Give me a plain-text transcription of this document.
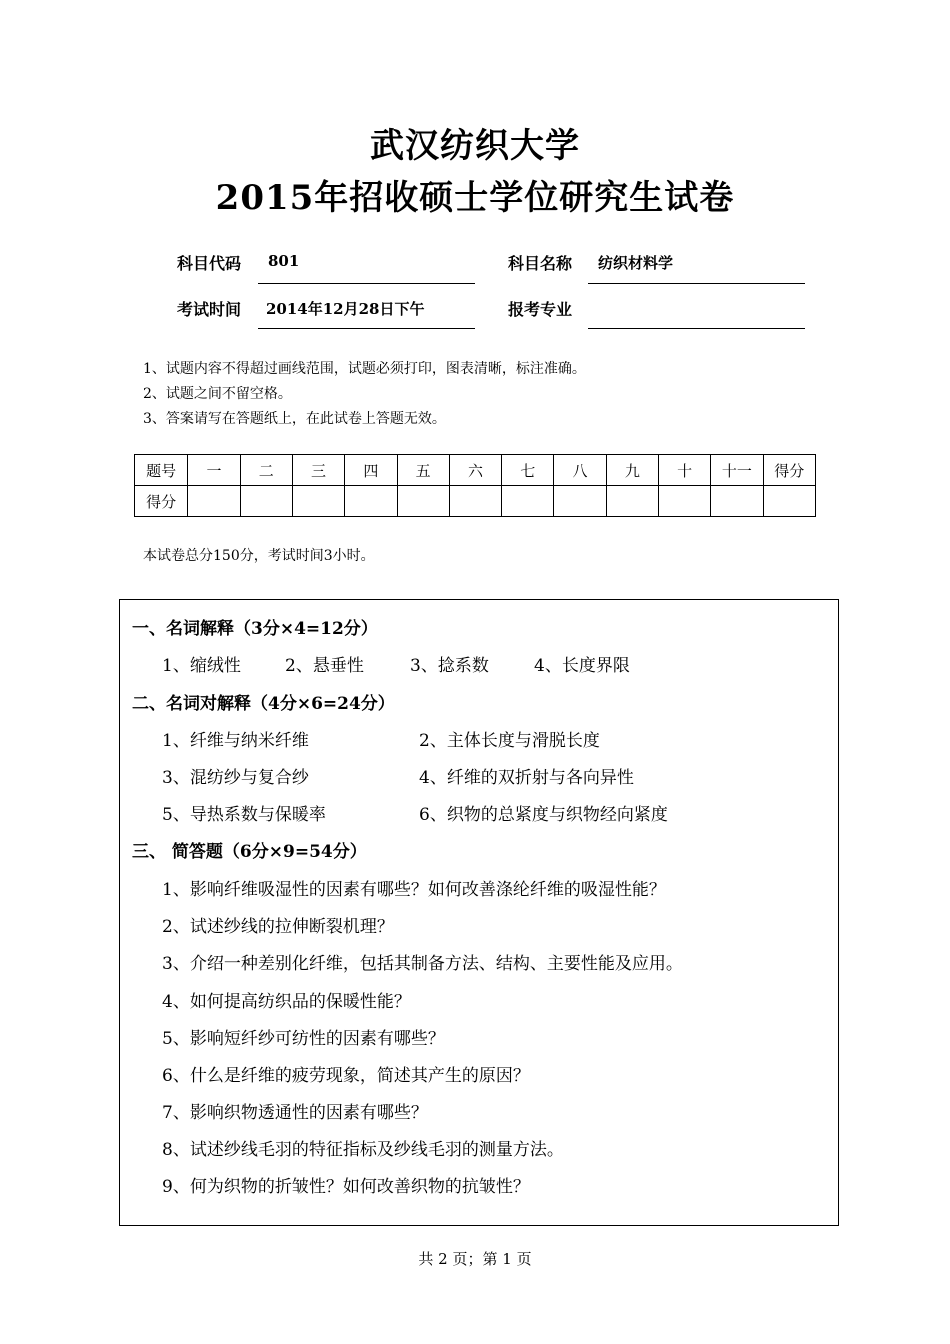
武汉纺织大学
2015年招收硕士学位研究生试卷
科目代码 801	科目名称 纺织材料学
考试时间 2014年12月28日下午	报考专业
1、试题内容不得超过画线范围，试题必须打印，图表清晰，标注准确。
2、试题之间不留空格。
3、答案请写在答题纸上，在此试卷上答题无效。
题号	一	二	三	四	五	六	七	八	九	十	十一	得分
得分												
本试卷总分150分，考试时间3小时。
一、名词解释（3分×4=12分）
1、缩绒性	2、悬垂性	3、捻系数	4、长度界限
二、名词对解释（4分×6=24分）
1、纤维与纳米纤维	2、主体长度与滑脱长度
3、混纺纱与复合纱	4、纤维的双折射与各向异性
5、导热系数与保暖率	6、织物的总紧度与织物经向紧度
三、 简答题（6分×9=54分）
1、影响纤维吸湿性的因素有哪些？如何改善涤纶纤维的吸湿性能？
2、试述纱线的拉伸断裂机理？
3、介绍一种差别化纤维，包括其制备方法、结构、主要性能及应用。
4、如何提高纺织品的保暖性能？
5、影响短纤纱可纺性的因素有哪些？
6、什么是纤维的疲劳现象，简述其产生的原因？
7、影响织物透通性的因素有哪些？
8、试述纱线毛羽的特征指标及纱线毛羽的测量方法。
9、何为织物的折皱性？如何改善织物的抗皱性？
共 2 页；第 1 页
